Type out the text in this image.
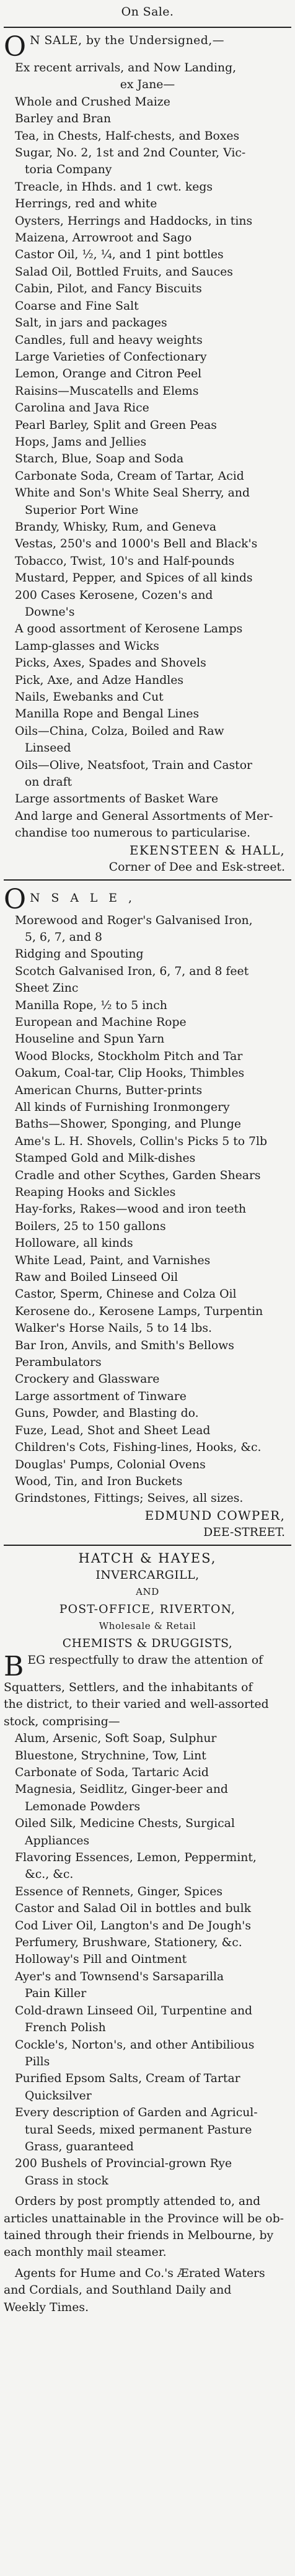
On Sale.
O N SALE, by the Undersigned,—
Ex recent arrivals, and Now Landing,
ex Jane—
Whole and Crushed Maize
Barley and Bran
Tea, in Chests, Half-chests, and Boxes
Sugar, No. 2, 1st and 2nd Counter, Vic-
toria Company
Treacle, in Hhds. and 1 cwt. kegs
Herrings, red and white
Oysters, Herrings and Haddocks, in tins
Maizena, Arrowroot and Sago
Castor Oil, ½, ¼, and 1 pint bottles
Salad Oil, Bottled Fruits, and Sauces
Cabin, Pilot, and Fancy Biscuits
Coarse and Fine Salt
Salt, in jars and packages
Candles, full and heavy weights
Large Varieties of Confectionary
Lemon, Orange and Citron Peel
Raisins—Muscatells and Elems
Carolina and Java Rice
Pearl Barley, Split and Green Peas
Hops, Jams and Jellies
Starch, Blue, Soap and Soda
Carbonate Soda, Cream of Tartar, Acid
White and Son's White Seal Sherry, and
Superior Port Wine
Brandy, Whisky, Rum, and Geneva
Vestas, 250's and 1000's Bell and Black's
Tobacco, Twist, 10's and Half-pounds
Mustard, Pepper, and Spices of all kinds
200 Cases Kerosene, Cozen's and
Downe's
A good assortment of Kerosene Lamps
Lamp-glasses and Wicks
Picks, Axes, Spades and Shovels
Pick, Axe, and Adze Handles
Nails, Ewebanks and Cut
Manilla Rope and Bengal Lines
Oils—China, Colza, Boiled and Raw
Linseed
Oils—Olive, Neatsfoot, Train and Castor
on draft
Large assortments of Basket Ware
And large and General Assortments of Mer-
chandise too numerous to particularise.
EKENSTEEN & HALL,
Corner of Dee and Esk-street.
O N S A L E ,
Morewood and Roger's Galvanised Iron,
5, 6, 7, and 8
Ridging and Spouting
Scotch Galvanised Iron, 6, 7, and 8 feet
Sheet Zinc
Manilla Rope, ½ to 5 inch
European and Machine Rope
Houseline and Spun Yarn
Wood Blocks, Stockholm Pitch and Tar
Oakum, Coal-tar, Clip Hooks, Thimbles
American Churns, Butter-prints
All kinds of Furnishing Ironmongery
Baths—Shower, Sponging, and Plunge
Ame's L. H. Shovels, Collin's Picks 5 to 7lb
Stamped Gold and Milk-dishes
Cradle and other Scythes, Garden Shears
Reaping Hooks and Sickles
Hay-forks, Rakes—wood and iron teeth
Boilers, 25 to 150 gallons
Holloware, all kinds
White Lead, Paint, and Varnishes
Raw and Boiled Linseed Oil
Castor, Sperm, Chinese and Colza Oil
Kerosene do., Kerosene Lamps, Turpentin
Walker's Horse Nails, 5 to 14 lbs.
Bar Iron, Anvils, and Smith's Bellows
Perambulators
Crockery and Glassware
Large assortment of Tinware
Guns, Powder, and Blasting do.
Fuze, Lead, Shot and Sheet Lead
Children's Cots, Fishing-lines, Hooks, &c.
Douglas' Pumps, Colonial Ovens
Wood, Tin, and Iron Buckets
Grindstones, Fittings; Seives, all sizes.
EDMUND COWPER,
DEE-STREET.
HATCH & HAYES,
INVERCARGILL,
AND
POST-OFFICE, RIVERTON,
Wholesale & Retail
CHEMISTS & DRUGGISTS,
B EG respectfully to draw the attention of
Squatters, Settlers, and the inhabitants of
the district, to their varied and well-assorted
stock, comprising—
Alum, Arsenic, Soft Soap, Sulphur
Bluestone, Strychnine, Tow, Lint
Carbonate of Soda, Tartaric Acid
Magnesia, Seidlitz, Ginger-beer and
Lemonade Powders
Oiled Silk, Medicine Chests, Surgical
Appliances
Flavoring Essences, Lemon, Peppermint,
&c., &c.
Essence of Rennets, Ginger, Spices
Castor and Salad Oil in bottles and bulk
Cod Liver Oil, Langton's and De Jough's
Perfumery, Brushware, Stationery, &c.
Holloway's Pill and Ointment
Ayer's and Townsend's Sarsaparilla
Pain Killer
Cold-drawn Linseed Oil, Turpentine and
French Polish
Cockle's, Norton's, and other Antibilious
Pills
Purified Epsom Salts, Cream of Tartar
Quicksilver
Every description of Garden and Agricul-
tural Seeds, mixed permanent Pasture
Grass, guaranteed
200 Bushels of Provincial-grown Rye
Grass in stock
Orders by post promptly attended to, and
articles unattainable in the Province will be ob-
tained through their friends in Melbourne, by
each monthly mail steamer.
Agents for Hume and Co.'s Ærated Waters
and Cordials, and Southland Daily and
Weekly Times.
